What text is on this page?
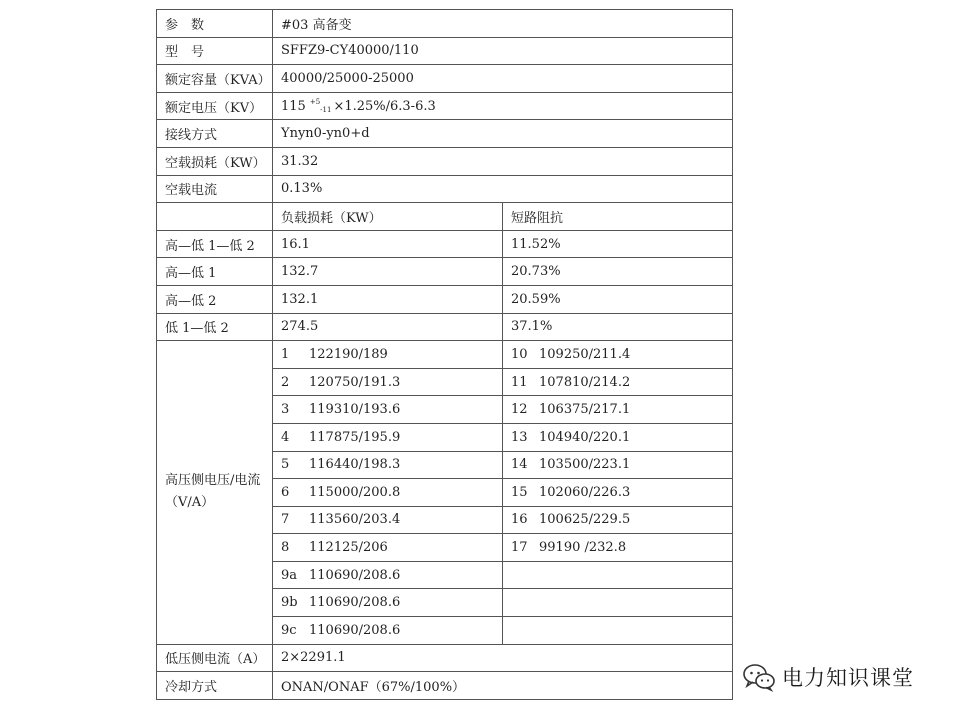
参　数	#03 高备变	
型　号	SFFZ9-CY40000/110	
额定容量（KVA）	40000/25000-25000	
额定电压（KV）	115 $^{+5}_{-11}$ ×1.25%/6.3-6.3	
接线方式	Ynyn0-yn0+d	
空载损耗（KW）	31.32	
空载电流	0.13%	
	负载损耗（KW）	短路阻抗
高—低 1—低 2	16.1	11.52%
高—低 1	132.7	20.73%
高—低 2	132.1	20.59%
低 1—低 2	274.5	37.1%
高压侧电压/电流（V/A）	1 122190/189	10 109250/211.4
	2 120750/191.3	11 107810/214.2
	3 119310/193.6	12 106375/217.1
	4 117875/195.9	13 104940/220.1
	5 116440/198.3	14 103500/223.1
	6 115000/200.8	15 102060/226.3
	7 113560/203.4	16 100625/229.5
	8 112125/206	17 99190 /232.8
	9a 110690/208.6	
	9b 110690/208.6	
	9c 110690/208.6	
低压侧电流（A）	2×2291.1	
冷却方式	ONAN/ONAF（67%/100%）		电力知识课堂
